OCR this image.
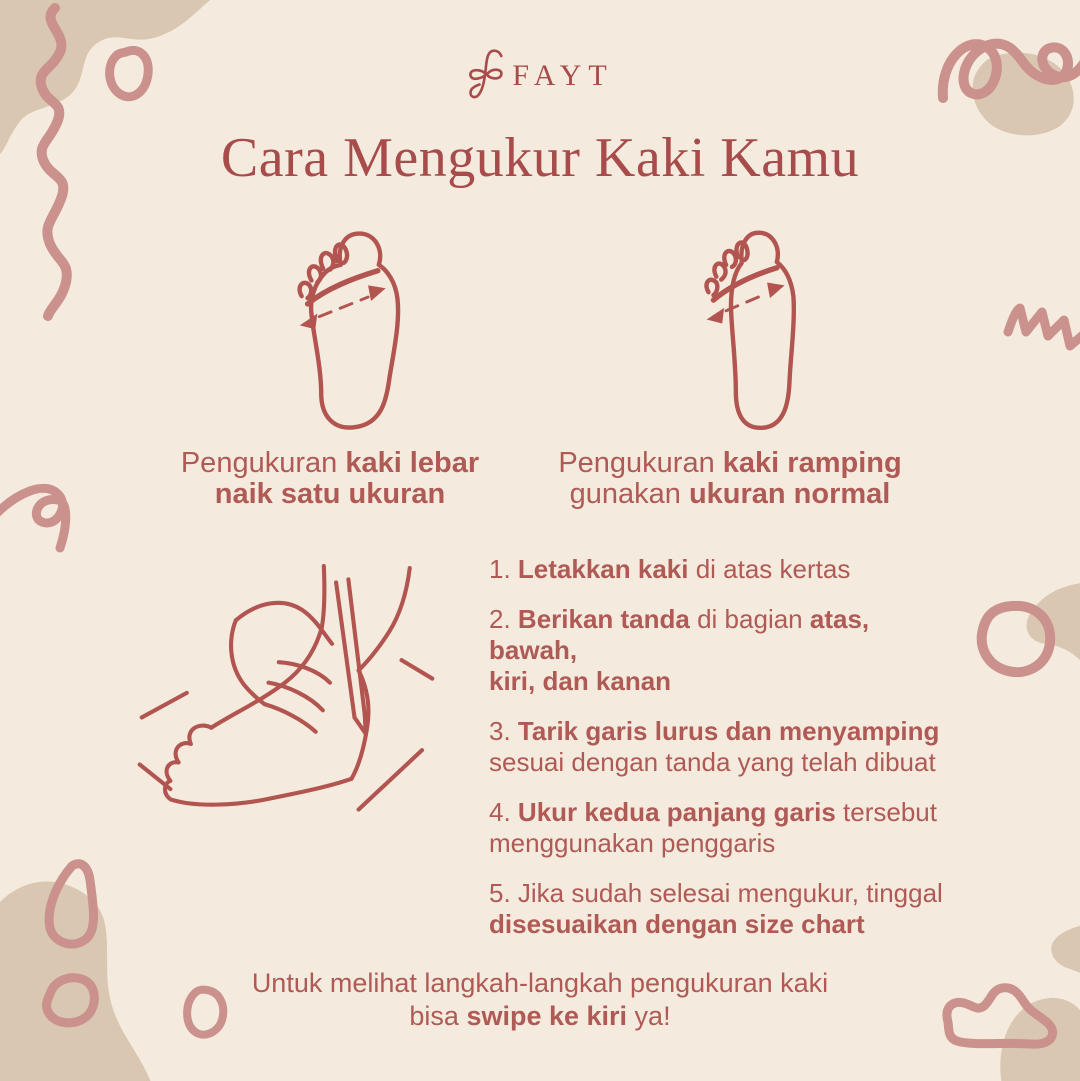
FAYT
Cara Mengukur Kaki Kamu

Pengukuran kaki lebar
naik satu ukuran

Pengukuran kaki ramping
gunakan ukuran normal

1. Letakkan kaki di atas kertas

2. Berikan tanda di bagian atas, bawah,
kiri, dan kanan

3. Tarik garis lurus dan menyamping
sesuai dengan tanda yang telah dibuat

4. Ukur kedua panjang garis tersebut
menggunakan penggaris

5. Jika sudah selesai mengukur, tinggal
disesuaikan dengan size chart

Untuk melihat langkah-langkah pengukuran kaki
bisa swipe ke kiri ya!
